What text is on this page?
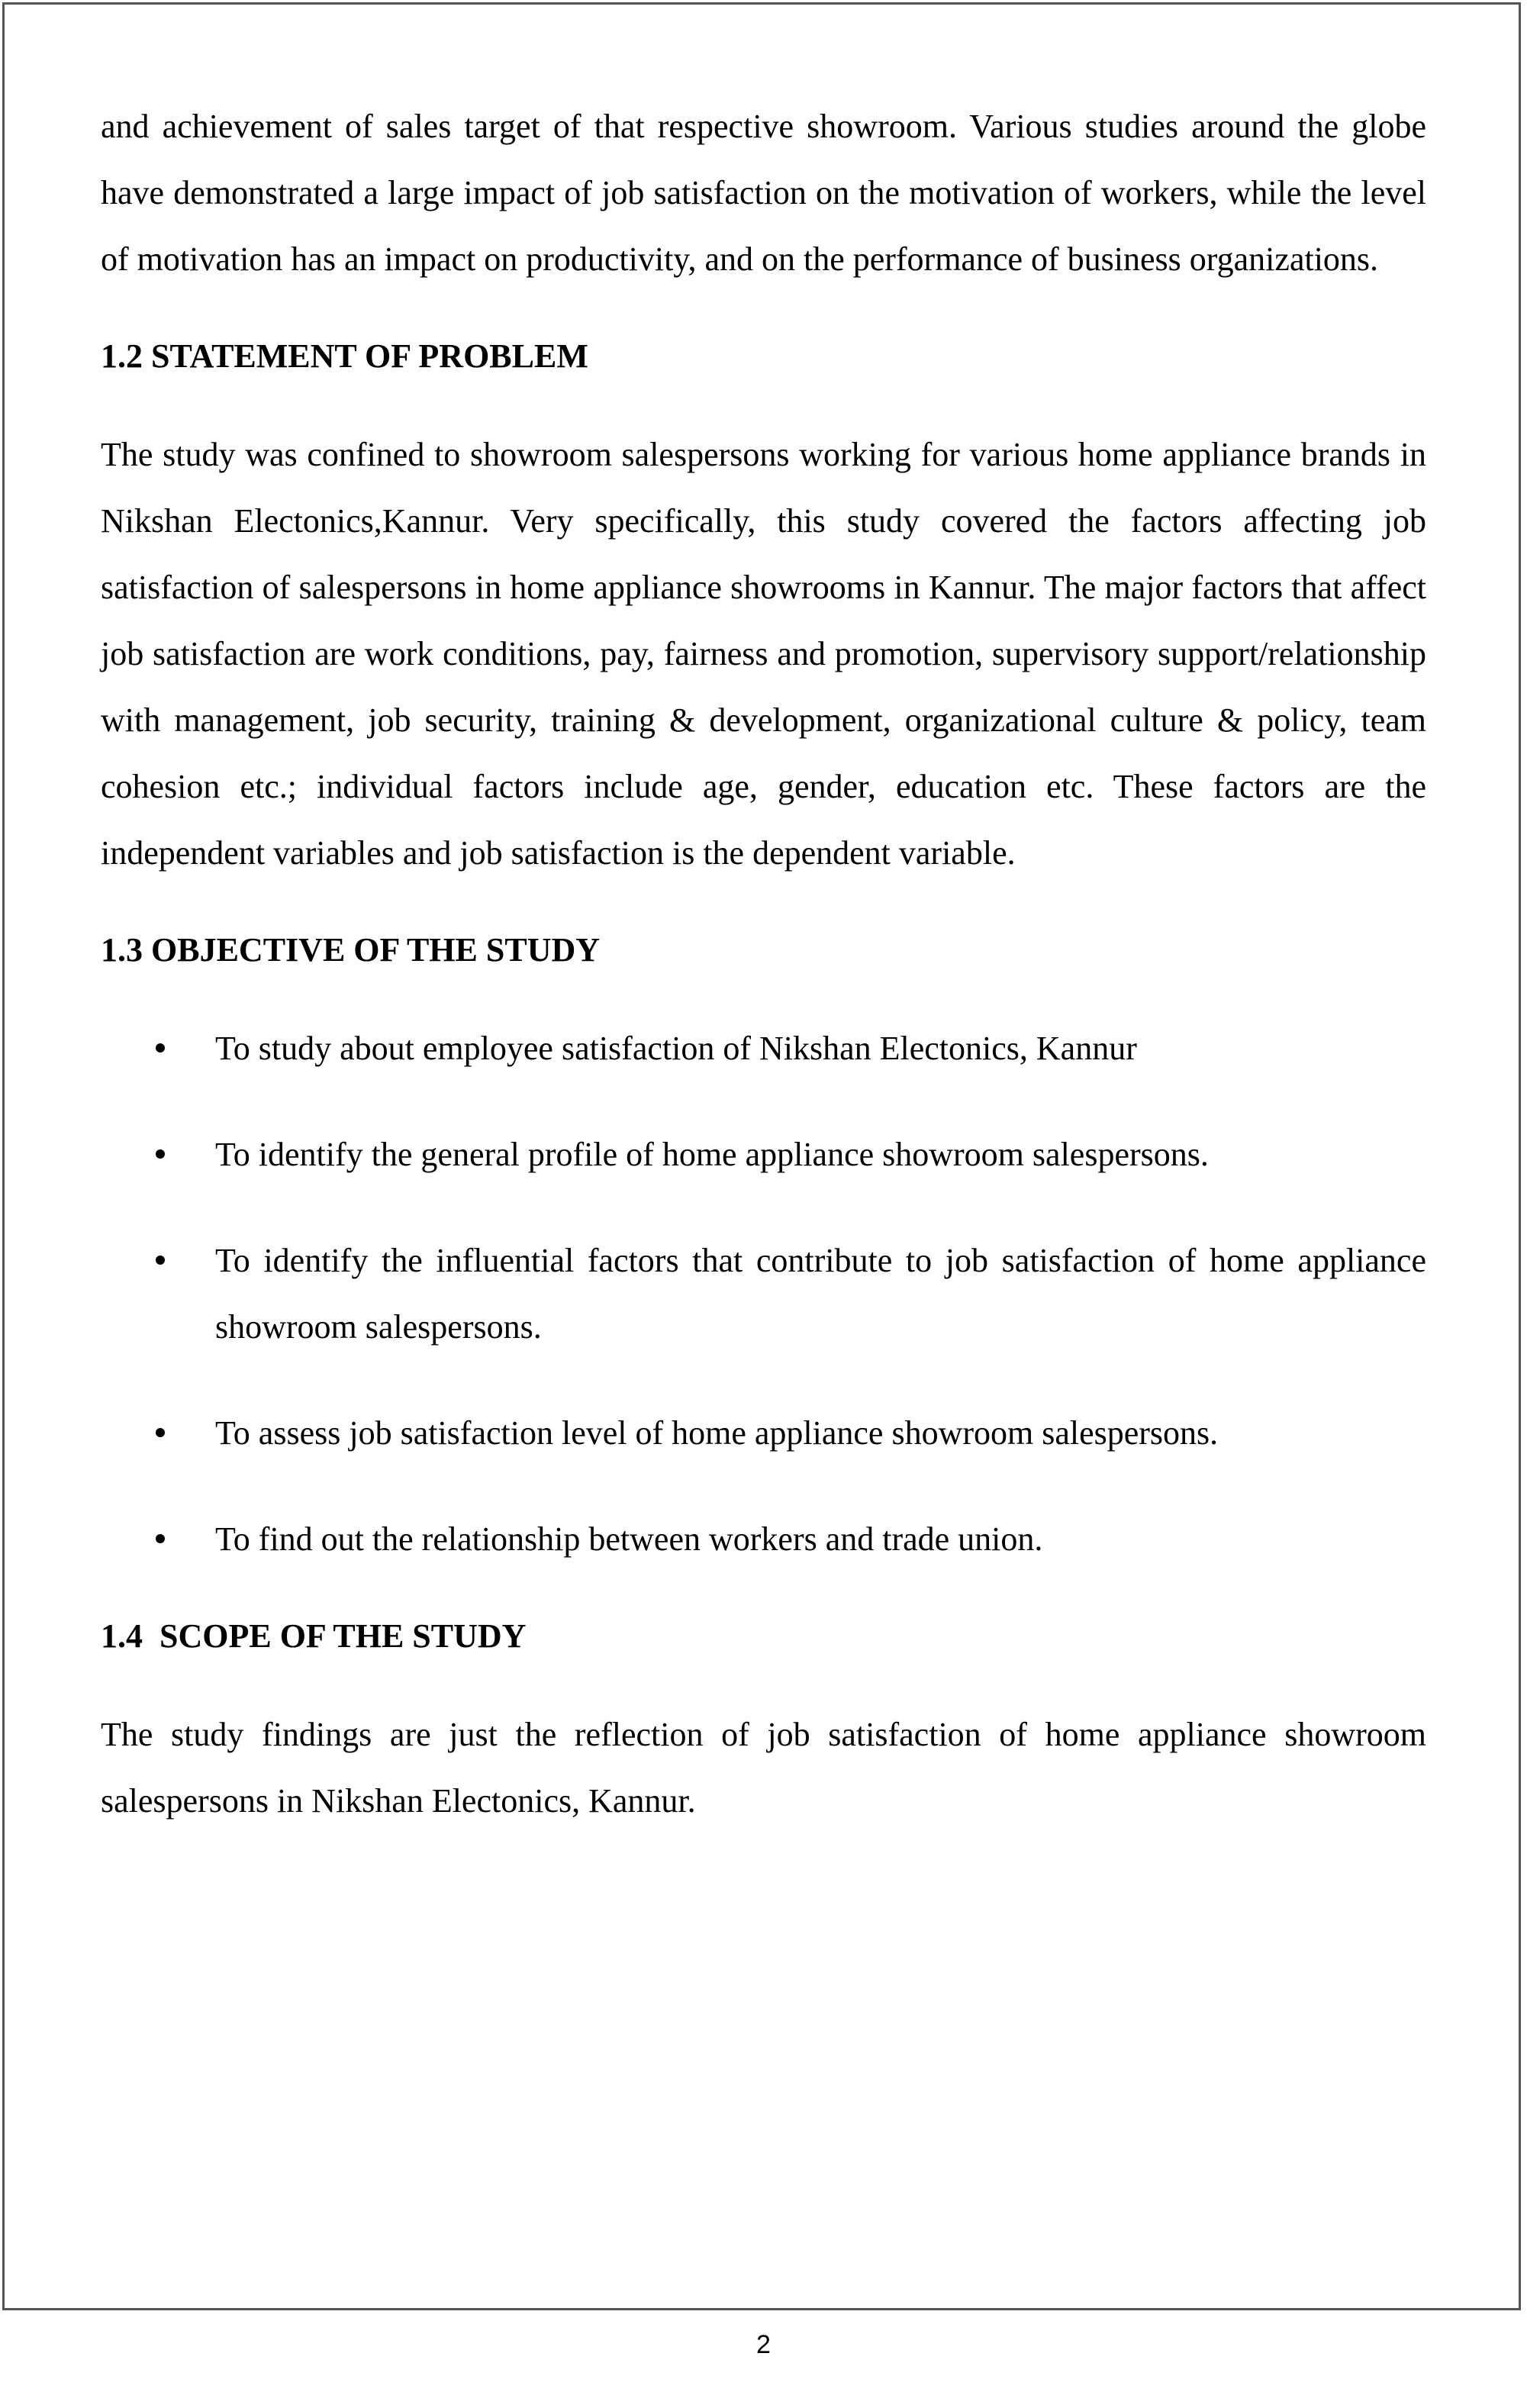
and achievement of sales target of that respective showroom. Various studies around the globe have demonstrated a large impact of job satisfaction on the motivation of workers, while the level of motivation has an impact on productivity, and on the performance of business organizations.

1.2 STATEMENT OF PROBLEM

The study was confined to showroom salespersons working for various home appliance brands in Nikshan Electonics,Kannur. Very specifically, this study covered the factors affecting job satisfaction of salespersons in home appliance showrooms in Kannur. The major factors that affect job satisfaction are work conditions, pay, fairness and promotion, supervisory support/relationship with management, job security, training & development, organizational culture & policy, team cohesion etc.; individual factors include age, gender, education etc. These factors are the independent variables and job satisfaction is the dependent variable.

1.3 OBJECTIVE OF THE STUDY
To study about employee satisfaction of Nikshan Electonics, Kannur
To identify the general profile of home appliance showroom salespersons.
To identify the influential factors that contribute to job satisfaction of home appliance showroom salespersons.
To assess job satisfaction level of home appliance showroom salespersons.
To find out the relationship between workers and trade union.
1.4  SCOPE OF THE STUDY

The study findings are just the reflection of job satisfaction of home appliance showroom salespersons in Nikshan Electonics, Kannur.

2
